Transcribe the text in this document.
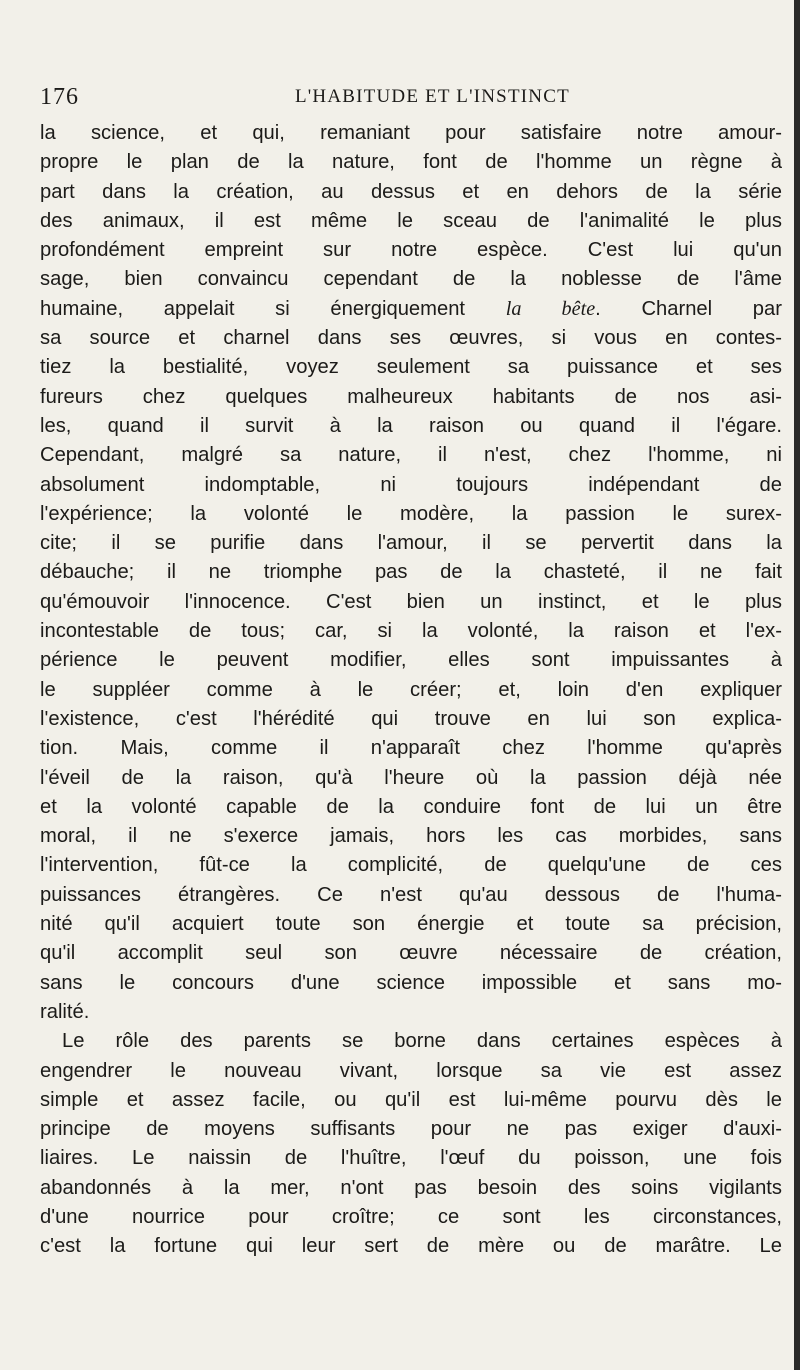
176	L'HABITUDE ET L'INSTINCT
la science, et qui, remaniant pour satisfaire notre amour-
propre le plan de la nature, font de l'homme un règne à
part dans la création, au dessus et en dehors de la série
des animaux, il est même le sceau de l'animalité le plus
profondément empreint sur notre espèce. C'est lui qu'un
sage, bien convaincu cependant de la noblesse de l'âme
humaine, appelait si énergiquement la bête. Charnel par
sa source et charnel dans ses œuvres, si vous en contes-
tiez la bestialité, voyez seulement sa puissance et ses
fureurs chez quelques malheureux habitants de nos asi-
les, quand il survit à la raison ou quand il l'égare.
Cependant, malgré sa nature, il n'est, chez l'homme, ni
absolument indomptable, ni toujours indépendant de
l'expérience; la volonté le modère, la passion le surex-
cite; il se purifie dans l'amour, il se pervertit dans la
débauche; il ne triomphe pas de la chasteté, il ne fait
qu'émouvoir l'innocence. C'est bien un instinct, et le plus
incontestable de tous; car, si la volonté, la raison et l'ex-
périence le peuvent modifier, elles sont impuissantes à
le suppléer comme à le créer; et, loin d'en expliquer
l'existence, c'est l'hérédité qui trouve en lui son explica-
tion. Mais, comme il n'apparaît chez l'homme qu'après
l'éveil de la raison, qu'à l'heure où la passion déjà née
et la volonté capable de la conduire font de lui un être
moral, il ne s'exerce jamais, hors les cas morbides, sans
l'intervention, fût-ce la complicité, de quelqu'une de ces
puissances étrangères. Ce n'est qu'au dessous de l'huma-
nité qu'il acquiert toute son énergie et toute sa précision,
qu'il accomplit seul son œuvre nécessaire de création,
sans le concours d'une science impossible et sans mo-
ralité.
Le rôle des parents se borne dans certaines espèces à
engendrer le nouveau vivant, lorsque sa vie est assez
simple et assez facile, ou qu'il est lui-même pourvu dès le
principe de moyens suffisants pour ne pas exiger d'auxi-
liaires. Le naissin de l'huître, l'œuf du poisson, une fois
abandonnés à la mer, n'ont pas besoin des soins vigilants
d'une nourrice pour croître; ce sont les circonstances,
c'est la fortune qui leur sert de mère ou de marâtre. Le
